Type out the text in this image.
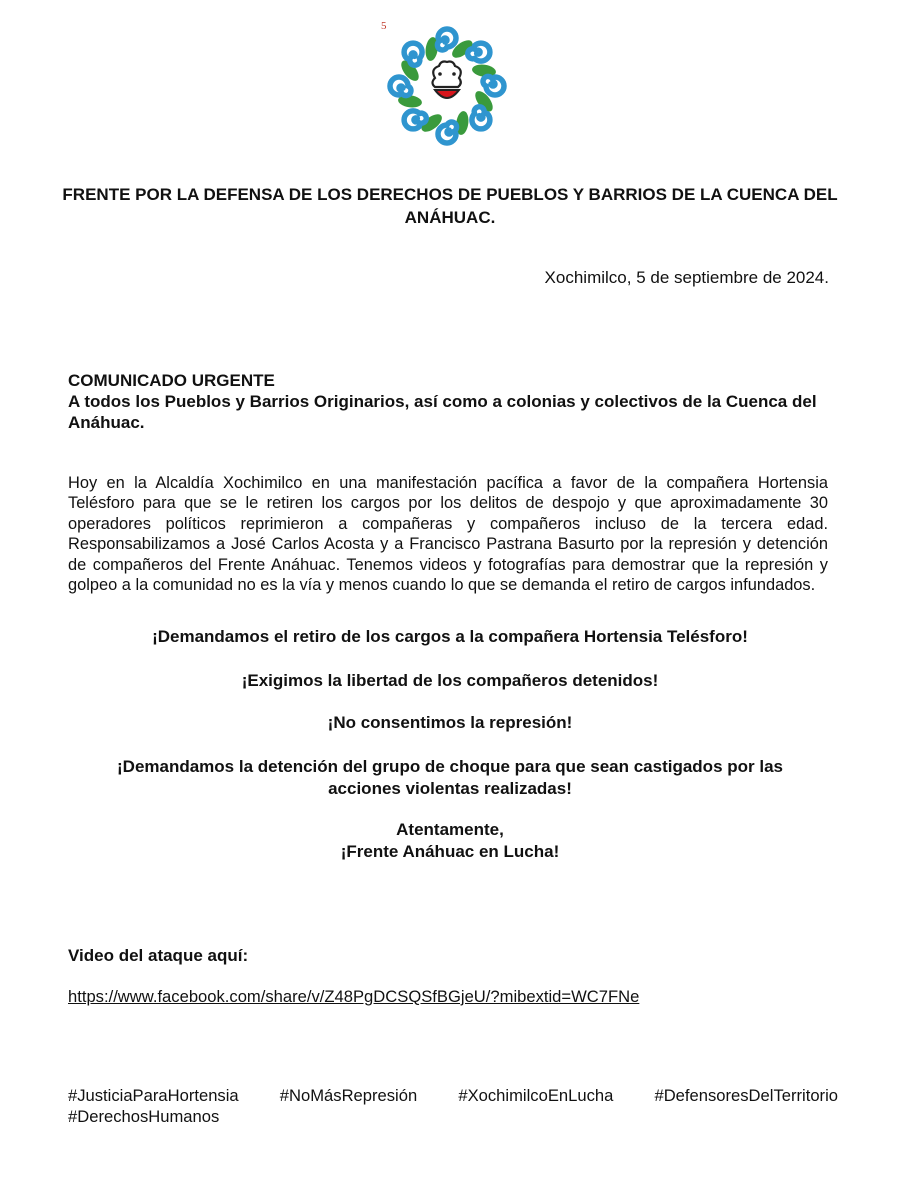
5
FRENTE POR LA DEFENSA DE LOS DERECHOS DE PUEBLOS Y BARRIOS DE LA CUENCA DEL ANÁHUAC.
Xochimilco, 5 de septiembre de 2024.
COMUNICADO URGENTE
A todos los Pueblos y Barrios Originarios, así como a colonias y colectivos de la Cuenca del Anáhuac.

Hoy en la Alcaldía Xochimilco en una manifestación pacífica a favor de la compañera Hortensia Telésforo para que se le retiren los cargos por los delitos de despojo y que aproximadamente 30 operadores políticos reprimieron a compañeras y compañeros incluso de la tercera edad. Responsabilizamos a José Carlos Acosta y a Francisco Pastrana Basurto por la represión y detención de compañeros del Frente Anáhuac. Tenemos videos y fotografías para demostrar que la represión y golpeo a la comunidad no es la vía y menos cuando lo que se demanda el retiro de cargos infundados.

¡Demandamos el retiro de los cargos a la compañera Hortensia Telésforo!
¡Exigimos la libertad de los compañeros detenidos!
¡No consentimos la represión!
¡Demandamos la detención del grupo de choque para que sean castigados por las acciones violentas realizadas!
Atentamente,
¡Frente Anáhuac en Lucha!
Video del ataque aquí:
https://www.facebook.com/share/v/Z48PgDCSQSfBGjeU/?mibextid=WC7FNe
#JusticiaParaHortensia #NoMásRepresión #XochimilcoEnLucha #DefensoresDelTerritorio
#DerechosHumanos
